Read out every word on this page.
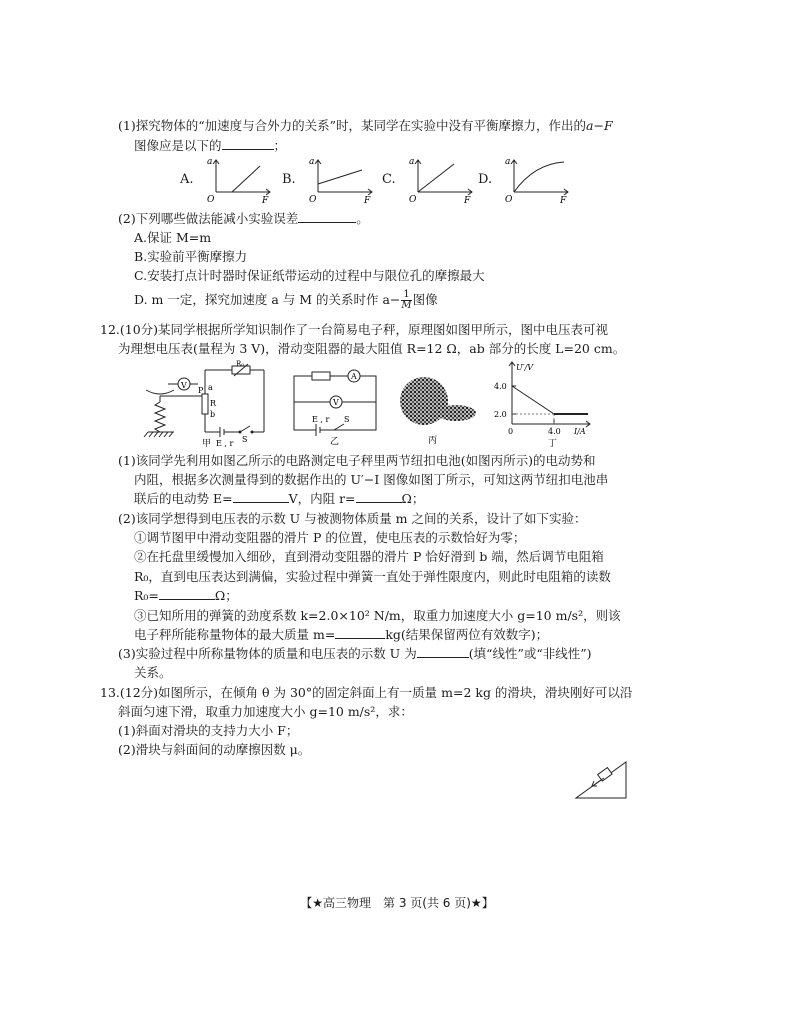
(1)探究物体的“加速度与合外力的关系”时，某同学在实验中没有平衡摩擦力，作出的a−F
图像应是以下的	；
A.
a
O	F
B.
a
O	F
C.
a
O	F
D.
a
O	F
(2)下列哪些做法能减小实验误差	。
A.保证 M=m
B.实验前平衡摩擦力
C.安装打点计时器时保证纸带运动的过程中与限位孔的摩擦最大
D. m 一定，探究加速度 a 与 M 的关系时作 $a- \frac{1}{M}$ 图像
12.(10分)某同学根据所学知识制作了一台简易电子秤，原理图如图甲所示，图中电压表可视
为理想电压表(量程为 3 V)，滑动变阻器的最大阻值 R=12 Ω，ab 部分的长度 L=20 cm。
V
P a
R
b
R₀
E , r S
甲
A
V
E , r S
乙	丙
U′/V
4.0
2.0
0	4.0 I/A
丁
(1)该同学先利用如图乙所示的电路测定电子秤里两节纽扣电池(如图丙所示)的电动势和
内阻，根据多次测量得到的数据作出的 U′−I 图像如图丁所示，可知这两节纽扣电池串
联后的电动势 E=	V，内阻 r=	Ω；
(2)该同学想得到电压表的示数 U 与被测物体质量 m 之间的关系，设计了如下实验：
①调节图甲中滑动变阻器的滑片 P 的位置，使电压表的示数恰好为零；
②在托盘里缓慢加入细砂，直到滑动变阻器的滑片 P 恰好滑到 b 端，然后调节电阻箱
R₀，直到电压表达到满偏，实验过程中弹簧一直处于弹性限度内，则此时电阻箱的读数
R₀=	Ω；
③已知所用的弹簧的劲度系数 k=2.0×10² N/m，取重力加速度大小 g=10 m/s²，则该
电子秤所能称量物体的最大质量 m=	kg(结果保留两位有效数字)；
(3)实验过程中所称量物体的质量和电压表的示数 U 为	(填“线性”或“非线性”)
关系。
13.(12分)如图所示，在倾角 θ 为 30°的固定斜面上有一质量 m=2 kg 的滑块，滑块刚好可以沿
斜面匀速下滑，取重力加速度大小 g=10 m/s²，求：
(1)斜面对滑块的支持力大小 F；
(2)滑块与斜面间的动摩擦因数 μ。
【★高三物理　第 3 页(共 6 页)★】
